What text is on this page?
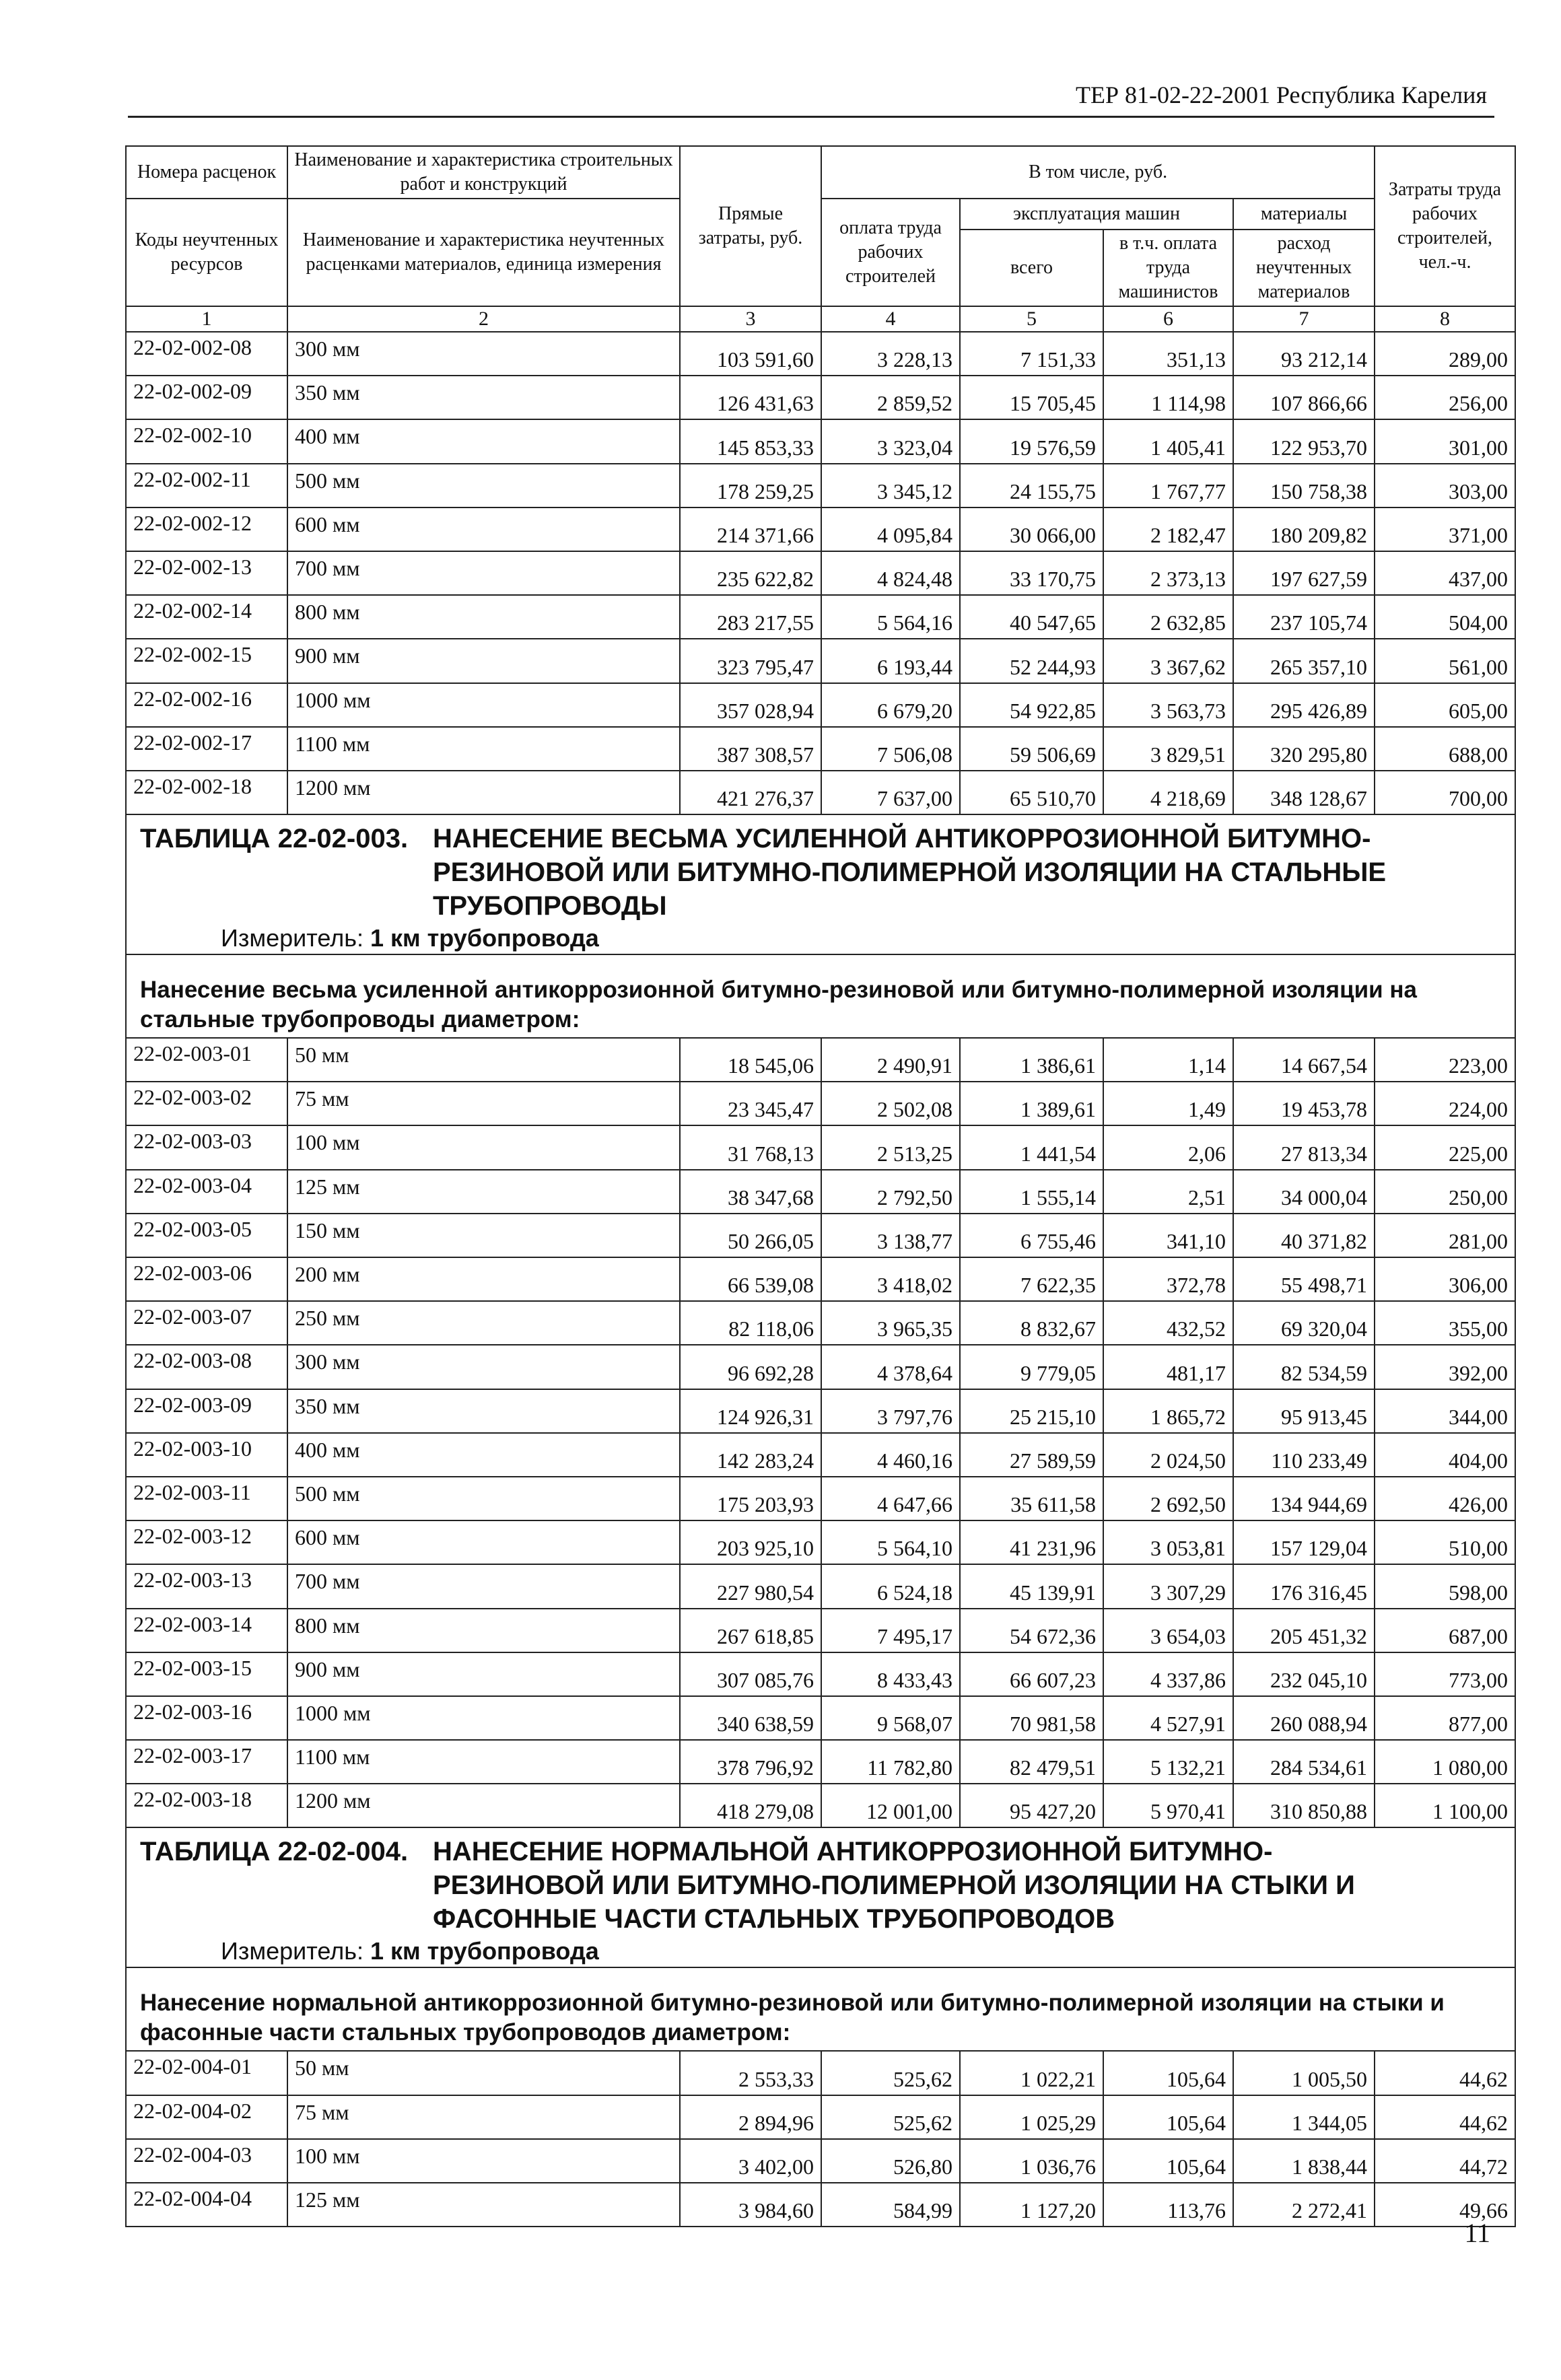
ТЕР 81-02-22-2001 Республика Карелия
Номера расценок	Наименование и характеристика строительных работ и конструкций	Прямые затраты, руб.	В том числе, руб.				Затраты труда рабочих строителей, чел.-ч.
Коды неучтенных ресурсов	Наименование и характеристика неучтенных расценками материалов, единица измерения		оплата труда рабочих строителей	эксплуатация машин		материалы	
				всего	в т.ч. оплата труда машинистов	расход неучтенных материалов	
1	2	3	4	5	6	7	8
22-02-002-08	300 мм	103 591,60	3 228,13	7 151,33	351,13	93 212,14	289,00
22-02-002-09	350 мм	126 431,63	2 859,52	15 705,45	1 114,98	107 866,66	256,00
22-02-002-10	400 мм	145 853,33	3 323,04	19 576,59	1 405,41	122 953,70	301,00
22-02-002-11	500 мм	178 259,25	3 345,12	24 155,75	1 767,77	150 758,38	303,00
22-02-002-12	600 мм	214 371,66	4 095,84	30 066,00	2 182,47	180 209,82	371,00
22-02-002-13	700 мм	235 622,82	4 824,48	33 170,75	2 373,13	197 627,59	437,00
22-02-002-14	800 мм	283 217,55	5 564,16	40 547,65	2 632,85	237 105,74	504,00
22-02-002-15	900 мм	323 795,47	6 193,44	52 244,93	3 367,62	265 357,10	561,00
22-02-002-16	1000 мм	357 028,94	6 679,20	54 922,85	3 563,73	295 426,89	605,00
22-02-002-17	1100 мм	387 308,57	7 506,08	59 506,69	3 829,51	320 295,80	688,00
22-02-002-18	1200 мм	421 276,37	7 637,00	65 510,70	4 218,69	348 128,67	700,00

ТАБЛИЦА 22-02-003. НАНЕСЕНИЕ ВЕСЬМА УСИЛЕННОЙ АНТИКОРРОЗИОННОЙ БИТУМНО-
РЕЗИНОВОЙ ИЛИ БИТУМНО-ПОЛИМЕРНОЙ ИЗОЛЯЦИИ НА СТАЛЬНЫЕ
ТРУБОПРОВОДЫ
Измеритель: 1 км трубопровода							

Нанесение весьма усиленной антикоррозионной битумно-резиновой или битумно-полимерной изоляции на стальные трубопроводы диаметром:							
22-02-003-01	50 мм	18 545,06	2 490,91	1 386,61	1,14	14 667,54	223,00
22-02-003-02	75 мм	23 345,47	2 502,08	1 389,61	1,49	19 453,78	224,00
22-02-003-03	100 мм	31 768,13	2 513,25	1 441,54	2,06	27 813,34	225,00
22-02-003-04	125 мм	38 347,68	2 792,50	1 555,14	2,51	34 000,04	250,00
22-02-003-05	150 мм	50 266,05	3 138,77	6 755,46	341,10	40 371,82	281,00
22-02-003-06	200 мм	66 539,08	3 418,02	7 622,35	372,78	55 498,71	306,00
22-02-003-07	250 мм	82 118,06	3 965,35	8 832,67	432,52	69 320,04	355,00
22-02-003-08	300 мм	96 692,28	4 378,64	9 779,05	481,17	82 534,59	392,00
22-02-003-09	350 мм	124 926,31	3 797,76	25 215,10	1 865,72	95 913,45	344,00
22-02-003-10	400 мм	142 283,24	4 460,16	27 589,59	2 024,50	110 233,49	404,00
22-02-003-11	500 мм	175 203,93	4 647,66	35 611,58	2 692,50	134 944,69	426,00
22-02-003-12	600 мм	203 925,10	5 564,10	41 231,96	3 053,81	157 129,04	510,00
22-02-003-13	700 мм	227 980,54	6 524,18	45 139,91	3 307,29	176 316,45	598,00
22-02-003-14	800 мм	267 618,85	7 495,17	54 672,36	3 654,03	205 451,32	687,00
22-02-003-15	900 мм	307 085,76	8 433,43	66 607,23	4 337,86	232 045,10	773,00
22-02-003-16	1000 мм	340 638,59	9 568,07	70 981,58	4 527,91	260 088,94	877,00
22-02-003-17	1100 мм	378 796,92	11 782,80	82 479,51	5 132,21	284 534,61	1 080,00
22-02-003-18	1200 мм	418 279,08	12 001,00	95 427,20	5 970,41	310 850,88	1 100,00

ТАБЛИЦА 22-02-004. НАНЕСЕНИЕ НОРМАЛЬНОЙ АНТИКОРРОЗИОННОЙ БИТУМНО-
РЕЗИНОВОЙ ИЛИ БИТУМНО-ПОЛИМЕРНОЙ ИЗОЛЯЦИИ НА СТЫКИ И
ФАСОННЫЕ ЧАСТИ СТАЛЬНЫХ ТРУБОПРОВОДОВ
Измеритель: 1 км трубопровода							

Нанесение нормальной антикоррозионной битумно-резиновой или битумно-полимерной изоляции на стыки и фасонные части стальных трубопроводов диаметром:							
22-02-004-01	50 мм	2 553,33	525,62	1 022,21	105,64	1 005,50	44,62
22-02-004-02	75 мм	2 894,96	525,62	1 025,29	105,64	1 344,05	44,62
22-02-004-03	100 мм	3 402,00	526,80	1 036,76	105,64	1 838,44	44,72
22-02-004-04	125 мм	3 984,60	584,99	1 127,20	113,76	2 272,41	49,66
11
